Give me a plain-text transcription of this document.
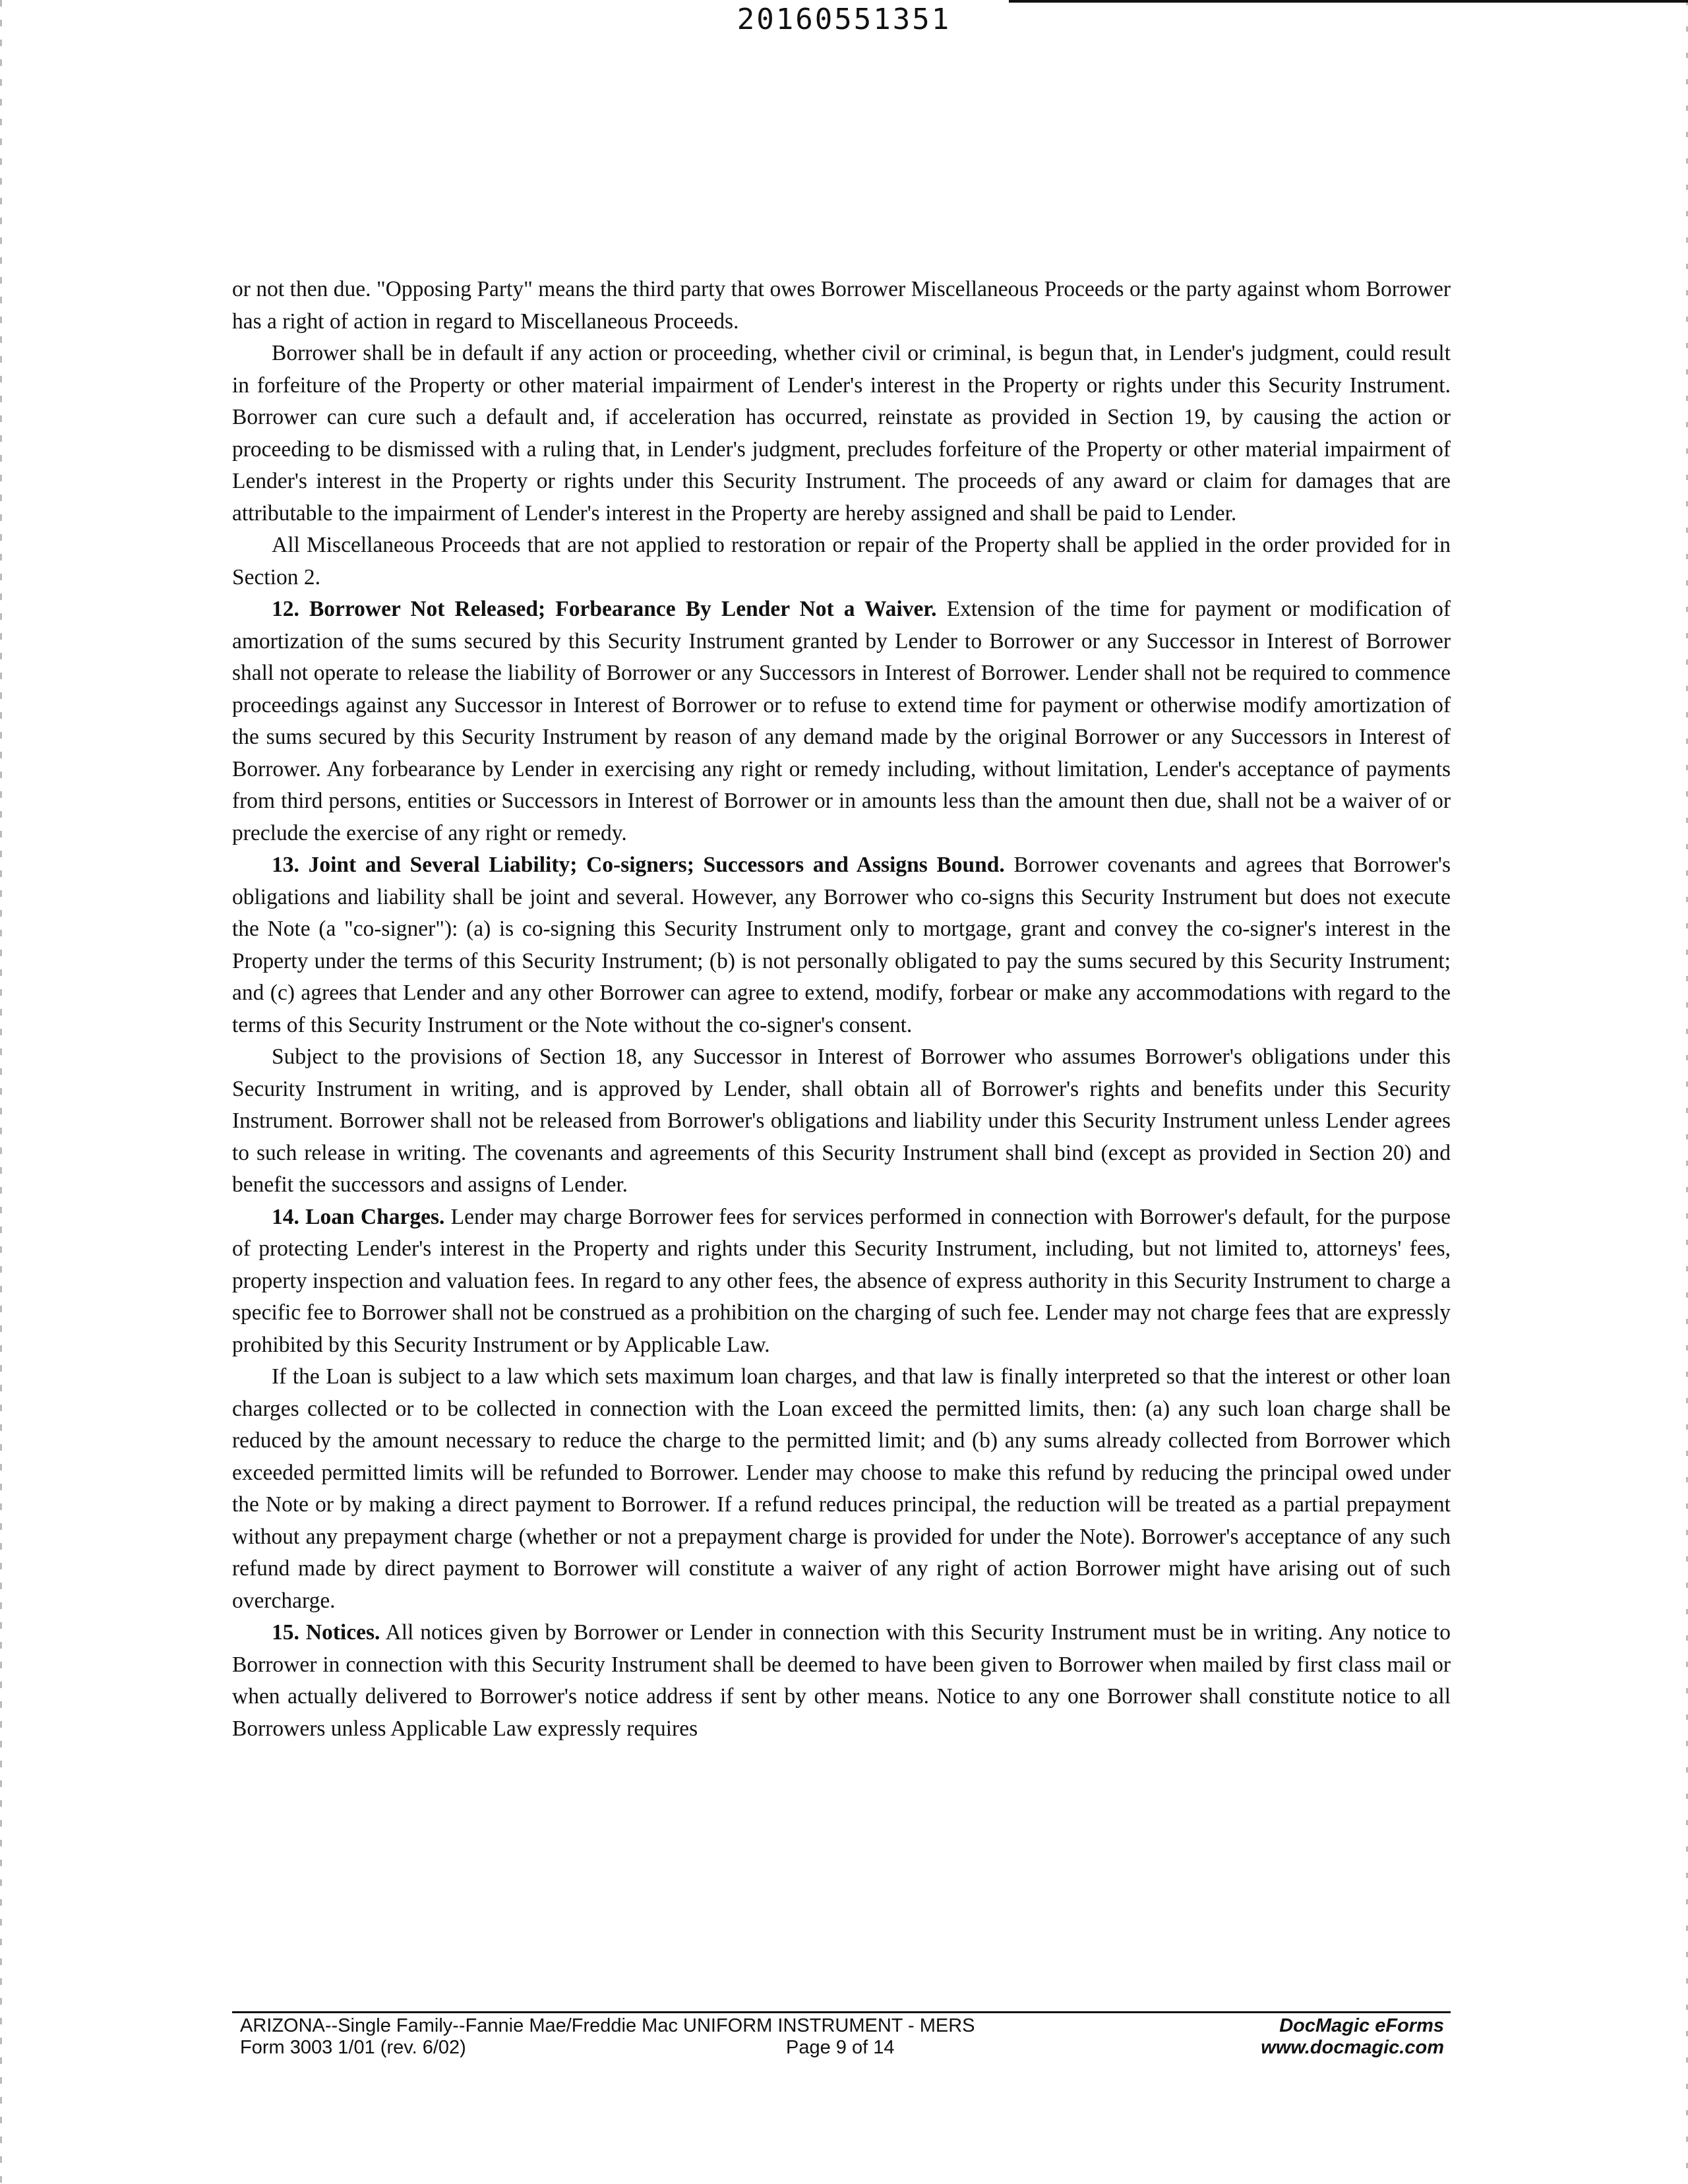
20160551351

or not then due. "Opposing Party" means the third party that owes Borrower Miscellaneous Proceeds or the party against whom Borrower has a right of action in regard to Miscellaneous Proceeds.

Borrower shall be in default if any action or proceeding, whether civil or criminal, is begun that, in Lender's judgment, could result in forfeiture of the Property or other material impairment of Lender's interest in the Property or rights under this Security Instrument. Borrower can cure such a default and, if acceleration has occurred, reinstate as provided in Section 19, by causing the action or proceeding to be dismissed with a ruling that, in Lender's judgment, precludes forfeiture of the Property or other material impairment of Lender's interest in the Property or rights under this Security Instrument. The proceeds of any award or claim for damages that are attributable to the impairment of Lender's interest in the Property are hereby assigned and shall be paid to Lender.

All Miscellaneous Proceeds that are not applied to restoration or repair of the Property shall be applied in the order provided for in Section 2.

12. Borrower Not Released; Forbearance By Lender Not a Waiver. Extension of the time for payment or modification of amortization of the sums secured by this Security Instrument granted by Lender to Borrower or any Successor in Interest of Borrower shall not operate to release the liability of Borrower or any Successors in Interest of Borrower. Lender shall not be required to commence proceedings against any Successor in Interest of Borrower or to refuse to extend time for payment or otherwise modify amortization of the sums secured by this Security Instrument by reason of any demand made by the original Borrower or any Successors in Interest of Borrower. Any forbearance by Lender in exercising any right or remedy including, without limitation, Lender's acceptance of payments from third persons, entities or Successors in Interest of Borrower or in amounts less than the amount then due, shall not be a waiver of or preclude the exercise of any right or remedy.

13. Joint and Several Liability; Co-signers; Successors and Assigns Bound. Borrower covenants and agrees that Borrower's obligations and liability shall be joint and several. However, any Borrower who co-signs this Security Instrument but does not execute the Note (a "co-signer"): (a) is co-signing this Security Instrument only to mortgage, grant and convey the co-signer's interest in the Property under the terms of this Security Instrument; (b) is not personally obligated to pay the sums secured by this Security Instrument; and (c) agrees that Lender and any other Borrower can agree to extend, modify, forbear or make any accommodations with regard to the terms of this Security Instrument or the Note without the co-signer's consent.

Subject to the provisions of Section 18, any Successor in Interest of Borrower who assumes Borrower's obligations under this Security Instrument in writing, and is approved by Lender, shall obtain all of Borrower's rights and benefits under this Security Instrument. Borrower shall not be released from Borrower's obligations and liability under this Security Instrument unless Lender agrees to such release in writing. The covenants and agreements of this Security Instrument shall bind (except as provided in Section 20) and benefit the successors and assigns of Lender.

14. Loan Charges. Lender may charge Borrower fees for services performed in connection with Borrower's default, for the purpose of protecting Lender's interest in the Property and rights under this Security Instrument, including, but not limited to, attorneys' fees, property inspection and valuation fees. In regard to any other fees, the absence of express authority in this Security Instrument to charge a specific fee to Borrower shall not be construed as a prohibition on the charging of such fee. Lender may not charge fees that are expressly prohibited by this Security Instrument or by Applicable Law.

If the Loan is subject to a law which sets maximum loan charges, and that law is finally interpreted so that the interest or other loan charges collected or to be collected in connection with the Loan exceed the permitted limits, then: (a) any such loan charge shall be reduced by the amount necessary to reduce the charge to the permitted limit; and (b) any sums already collected from Borrower which exceeded permitted limits will be refunded to Borrower. Lender may choose to make this refund by reducing the principal owed under the Note or by making a direct payment to Borrower. If a refund reduces principal, the reduction will be treated as a partial prepayment without any prepayment charge (whether or not a prepayment charge is provided for under the Note). Borrower's acceptance of any such refund made by direct payment to Borrower will constitute a waiver of any right of action Borrower might have arising out of such overcharge.

15. Notices. All notices given by Borrower or Lender in connection with this Security Instrument must be in writing. Any notice to Borrower in connection with this Security Instrument shall be deemed to have been given to Borrower when mailed by first class mail or when actually delivered to Borrower's notice address if sent by other means. Notice to any one Borrower shall constitute notice to all Borrowers unless Applicable Law expressly requires

ARIZONA--Single Family--Fannie Mae/Freddie Mac UNIFORM INSTRUMENT - MERS
Form 3003 1/01 (rev. 6/02)	Page 9 of 14
DocMagic eForms
www.docmagic.com
